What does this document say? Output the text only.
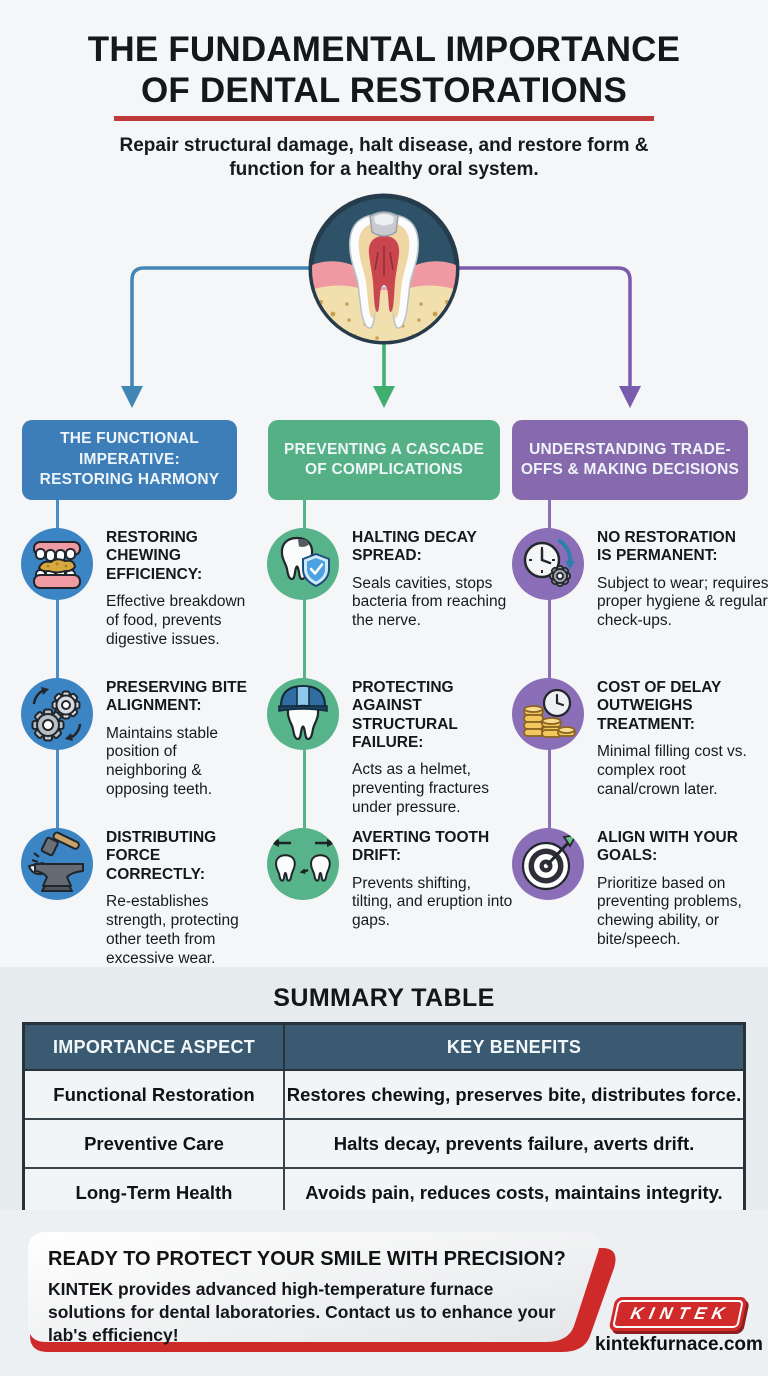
THE FUNDAMENTAL IMPORTANCE
OF DENTAL RESTORATIONS
Repair structural damage, halt disease, and restore form & function for a healthy oral system.
THE FUNCTIONAL IMPERATIVE: RESTORING HARMONY
PREVENTING A CASCADE OF COMPLICATIONS
UNDERSTANDING TRADE-OFFS & MAKING DECISIONS
RESTORING CHEWING EFFICIENCY:
Effective breakdown of food, prevents digestive issues.
PRESERVING BITE ALIGNMENT:
Maintains stable position of neighboring & opposing teeth.
DISTRIBUTING FORCE CORRECTLY:
Re-establishes strength, protecting other teeth from excessive wear.
HALTING DECAY SPREAD:
Seals cavities, stops bacteria from reaching the nerve.
PROTECTING AGAINST STRUCTURAL FAILURE:
Acts as a helmet, preventing fractures under pressure.
AVERTING TOOTH DRIFT:
Prevents shifting, tilting, and eruption into gaps.
NO RESTORATION IS PERMANENT:
Subject to wear; requires proper hygiene & regular check-ups.
COST OF DELAY OUTWEIGHS TREATMENT:
Minimal filling cost vs. complex root canal/crown later.
ALIGN WITH YOUR GOALS:
Prioritize based on preventing problems, chewing ability, or bite/speech.
SUMMARY TABLE
IMPORTANCE ASPECT	KEY BENEFITS
Functional Restoration	Restores chewing, preserves bite, distributes force.
Preventive Care	Halts decay, prevents failure, averts drift.
Long-Term Health	Avoids pain, reduces costs, maintains integrity.
READY TO PROTECT YOUR SMILE WITH PRECISION?
KINTEK provides advanced high-temperature furnace solutions for dental laboratories. Contact us to enhance your lab's efficiency!
KINTEK
kintekfurnace.com
